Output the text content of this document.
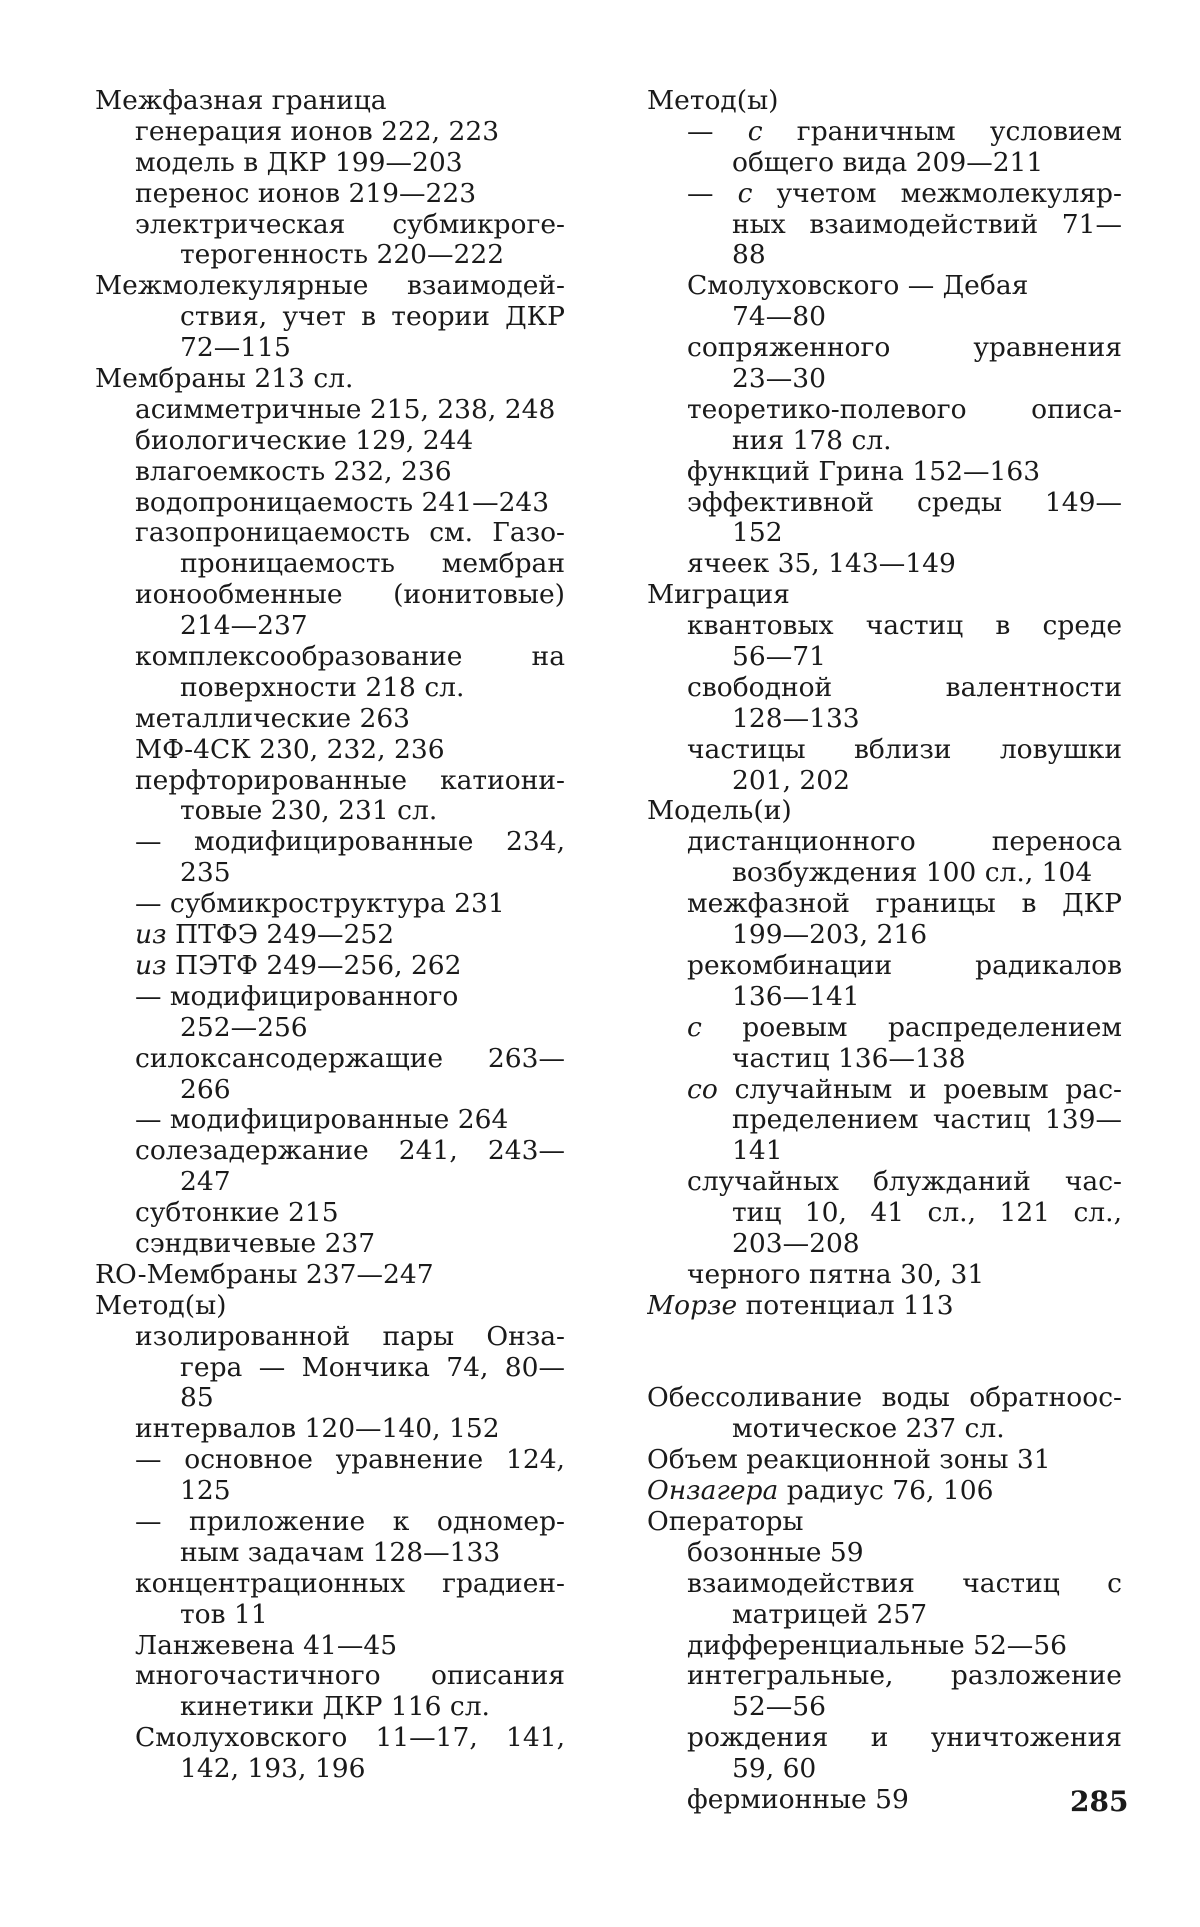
Межфазная граница
генерация ионов 222, 223
модель в ДКР 199—203
перенос ионов 219—223
электрическая субмикроге-
терогенность 220—222
Межмолекулярные взаимодей-
ствия, учет в теории ДКР
72—115
Мембраны 213 сл.
асимметричные 215, 238, 248
биологические 129, 244
влагоемкость 232, 236
водопроницаемость 241—243
газопроницаемость см. Газо-
проницаемость мембран
ионообменные (ионитовые)
214—237
комплексообразование на
поверхности 218 сл.
металлические 263
МФ-4СК 230, 232, 236
перфторированные катиони-
товые 230, 231 сл.
— модифицированные 234,
235
— субмикроструктура 231
из ПТФЭ 249—252
из ПЭТФ 249—256, 262
— модифицированного
252—256
силоксансодержащие 263—
266
— модифицированные 264
солезадержание 241, 243—
247
субтонкие 215
сэндвичевые 237
RO-Мембраны 237—247
Метод(ы)
изолированной пары Онза-
гера — Мончика 74, 80—
85
интервалов 120—140, 152
— основное уравнение 124,
125
— приложение к одномер-
ным задачам 128—133
концентрационных градиен-
тов 11
Ланжевена 41—45
многочастичного описания
кинетики ДКР 116 сл.
Смолуховского 11—17, 141,
142, 193, 196
Метод(ы)
— с граничным условием
общего вида 209—211
— с учетом межмолекуляр-
ных взаимодействий 71—
88
Смолуховского — Дебая
74—80
сопряженного уравнения
23—30
теоретико-полевого описа-
ния 178 сл.
функций Грина 152—163
эффективной среды 149—
152
ячеек 35, 143—149
Миграция
квантовых частиц в среде
56—71
свободной валентности
128—133
частицы вблизи ловушки
201, 202
Модель(и)
дистанционного переноса
возбуждения 100 сл., 104
межфазной границы в ДКР
199—203, 216
рекомбинации радикалов
136—141
с роевым распределением
частиц 136—138
со случайным и роевым рас-
пределением частиц 139—
141
случайных блужданий час-
тиц 10, 41 сл., 121 сл.,
203—208
черного пятна 30, 31
Морзе потенциал 113
Обессоливание воды обратноос-
мотическое 237 сл.
Объем реакционной зоны 31
Онзагера радиус 76, 106
Операторы
бозонные 59
взаимодействия частиц с
матрицей 257
дифференциальные 52—56
интегральные, разложение
52—56
рождения и уничтожения
59, 60
фермионные 59	285
